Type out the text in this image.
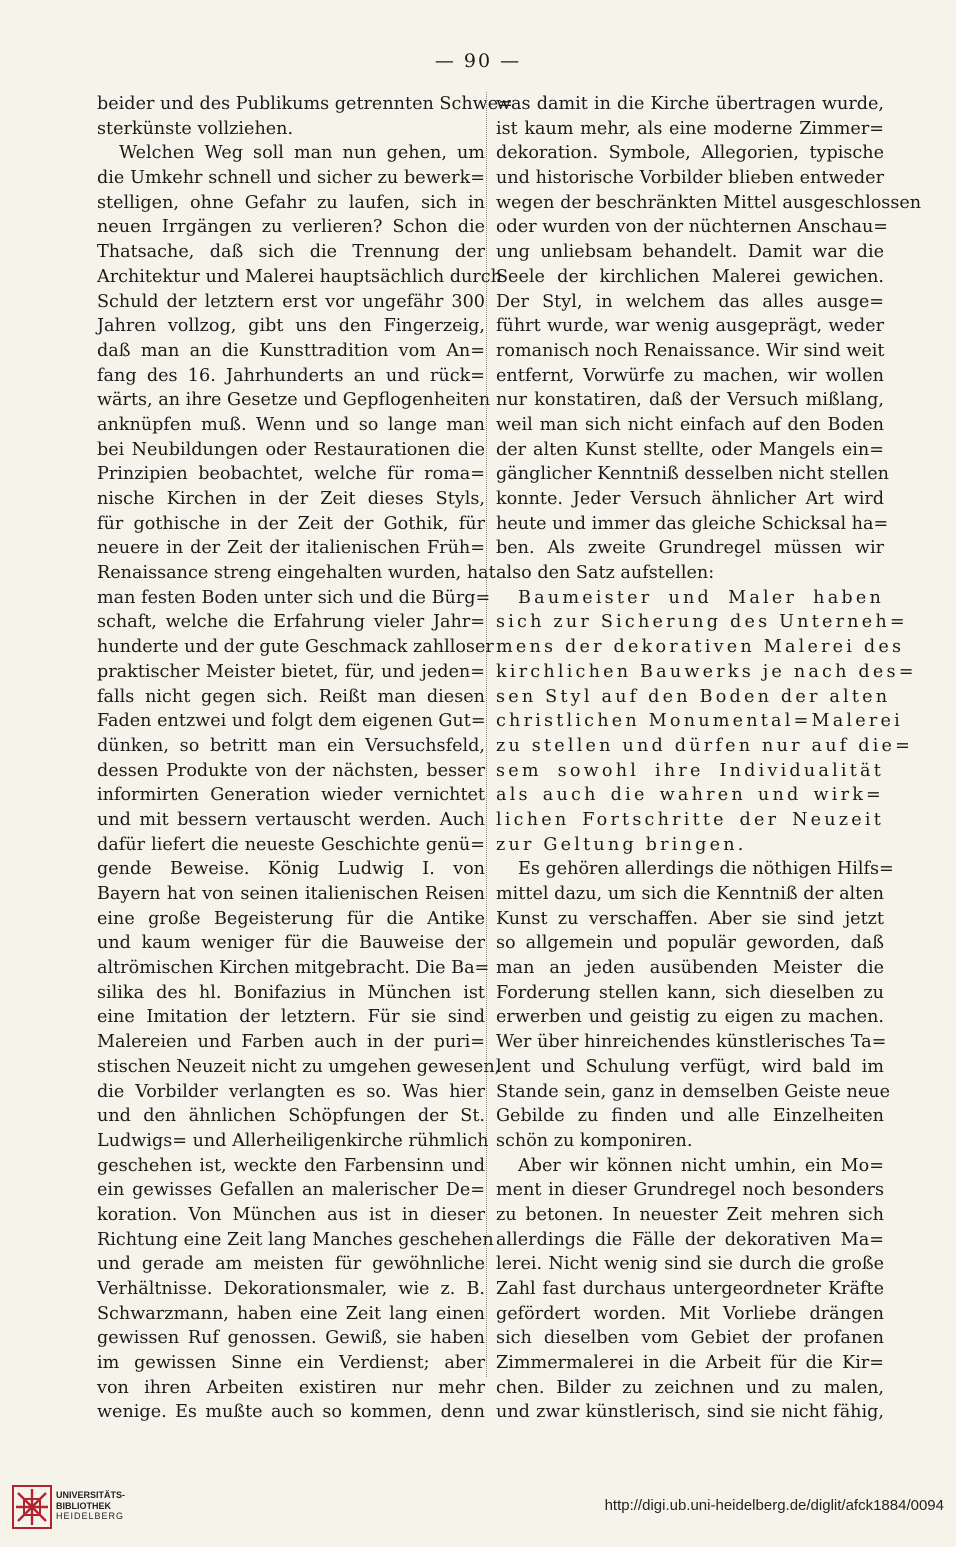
— 90 —
beider und des Publikums getrennten Schwe=
sterkünste vollziehen.
Welchen Weg soll man nun gehen, um
die Umkehr schnell und sicher zu bewerk=
stelligen, ohne Gefahr zu laufen, sich in
neuen Irrgängen zu verlieren? Schon die
Thatsache, daß sich die Trennung der
Architektur und Malerei hauptsächlich durch
Schuld der letztern erst vor ungefähr 300
Jahren vollzog, gibt uns den Fingerzeig,
daß man an die Kunsttradition vom An=
fang des 16. Jahrhunderts an und rück=
wärts, an ihre Gesetze und Gepflogenheiten
anknüpfen muß. Wenn und so lange man
bei Neubildungen oder Restaurationen die
Prinzipien beobachtet, welche für roma=
nische Kirchen in der Zeit dieses Styls,
für gothische in der Zeit der Gothik, für
neuere in der Zeit der italienischen Früh=
Renaissance streng eingehalten wurden, hat
man festen Boden unter sich und die Bürg=
schaft, welche die Erfahrung vieler Jahr=
hunderte und der gute Geschmack zahlloser
praktischer Meister bietet, für, und jeden=
falls nicht gegen sich. Reißt man diesen
Faden entzwei und folgt dem eigenen Gut=
dünken, so betritt man ein Versuchsfeld,
dessen Produkte von der nächsten, besser
informirten Generation wieder vernichtet
und mit bessern vertauscht werden. Auch
dafür liefert die neueste Geschichte genü=
gende Beweise. König Ludwig I. von
Bayern hat von seinen italienischen Reisen
eine große Begeisterung für die Antike
und kaum weniger für die Bauweise der
altrömischen Kirchen mitgebracht. Die Ba=
silika des hl. Bonifazius in München ist
eine Imitation der letztern. Für sie sind
Malereien und Farben auch in der puri=
stischen Neuzeit nicht zu umgehen gewesen,
die Vorbilder verlangten es so. Was hier
und den ähnlichen Schöpfungen der St.
Ludwigs= und Allerheiligenkirche rühmlich
geschehen ist, weckte den Farbensinn und
ein gewisses Gefallen an malerischer De=
koration. Von München aus ist in dieser
Richtung eine Zeit lang Manches geschehen
und gerade am meisten für gewöhnliche
Verhältnisse. Dekorationsmaler, wie z. B.
Schwarzmann, haben eine Zeit lang einen
gewissen Ruf genossen. Gewiß, sie haben
im gewissen Sinne ein Verdienst; aber
von ihren Arbeiten existiren nur mehr
wenige. Es mußte auch so kommen, denn
was damit in die Kirche übertragen wurde,
ist kaum mehr, als eine moderne Zimmer=
dekoration. Symbole, Allegorien, typische
und historische Vorbilder blieben entweder
wegen der beschränkten Mittel ausgeschlossen
oder wurden von der nüchternen Anschau=
ung unliebsam behandelt. Damit war die
Seele der kirchlichen Malerei gewichen.
Der Styl, in welchem das alles ausge=
führt wurde, war wenig ausgeprägt, weder
romanisch noch Renaissance. Wir sind weit
entfernt, Vorwürfe zu machen, wir wollen
nur konstatiren, daß der Versuch mißlang,
weil man sich nicht einfach auf den Boden
der alten Kunst stellte, oder Mangels ein=
gänglicher Kenntniß desselben nicht stellen
konnte. Jeder Versuch ähnlicher Art wird
heute und immer das gleiche Schicksal ha=
ben. Als zweite Grundregel müssen wir
also den Satz aufstellen:
Baumeister und Maler haben
sich zur Sicherung des Unterneh=
mens der dekorativen Malerei des
kirchlichen Bauwerks je nach des=
sen Styl auf den Boden der alten
christlichen Monumental=Malerei
zu stellen und dürfen nur auf die=
sem sowohl ihre Individualität
als auch die wahren und wirk=
lichen Fortschritte der Neuzeit
zur Geltung bringen.
Es gehören allerdings die nöthigen Hilfs=
mittel dazu, um sich die Kenntniß der alten
Kunst zu verschaffen. Aber sie sind jetzt
so allgemein und populär geworden, daß
man an jeden ausübenden Meister die
Forderung stellen kann, sich dieselben zu
erwerben und geistig zu eigen zu machen.
Wer über hinreichendes künstlerisches Ta=
lent und Schulung verfügt, wird bald im
Stande sein, ganz in demselben Geiste neue
Gebilde zu finden und alle Einzelheiten
schön zu komponiren.
Aber wir können nicht umhin, ein Mo=
ment in dieser Grundregel noch besonders
zu betonen. In neuester Zeit mehren sich
allerdings die Fälle der dekorativen Ma=
lerei. Nicht wenig sind sie durch die große
Zahl fast durchaus untergeordneter Kräfte
gefördert worden. Mit Vorliebe drängen
sich dieselben vom Gebiet der profanen
Zimmermalerei in die Arbeit für die Kir=
chen. Bilder zu zeichnen und zu malen,
und zwar künstlerisch, sind sie nicht fähig,
UNIVERSITÄTS-
BIBLIOTHEK
HEIDELBERG
http://digi.ub.uni-heidelberg.de/diglit/afck1884/0094
